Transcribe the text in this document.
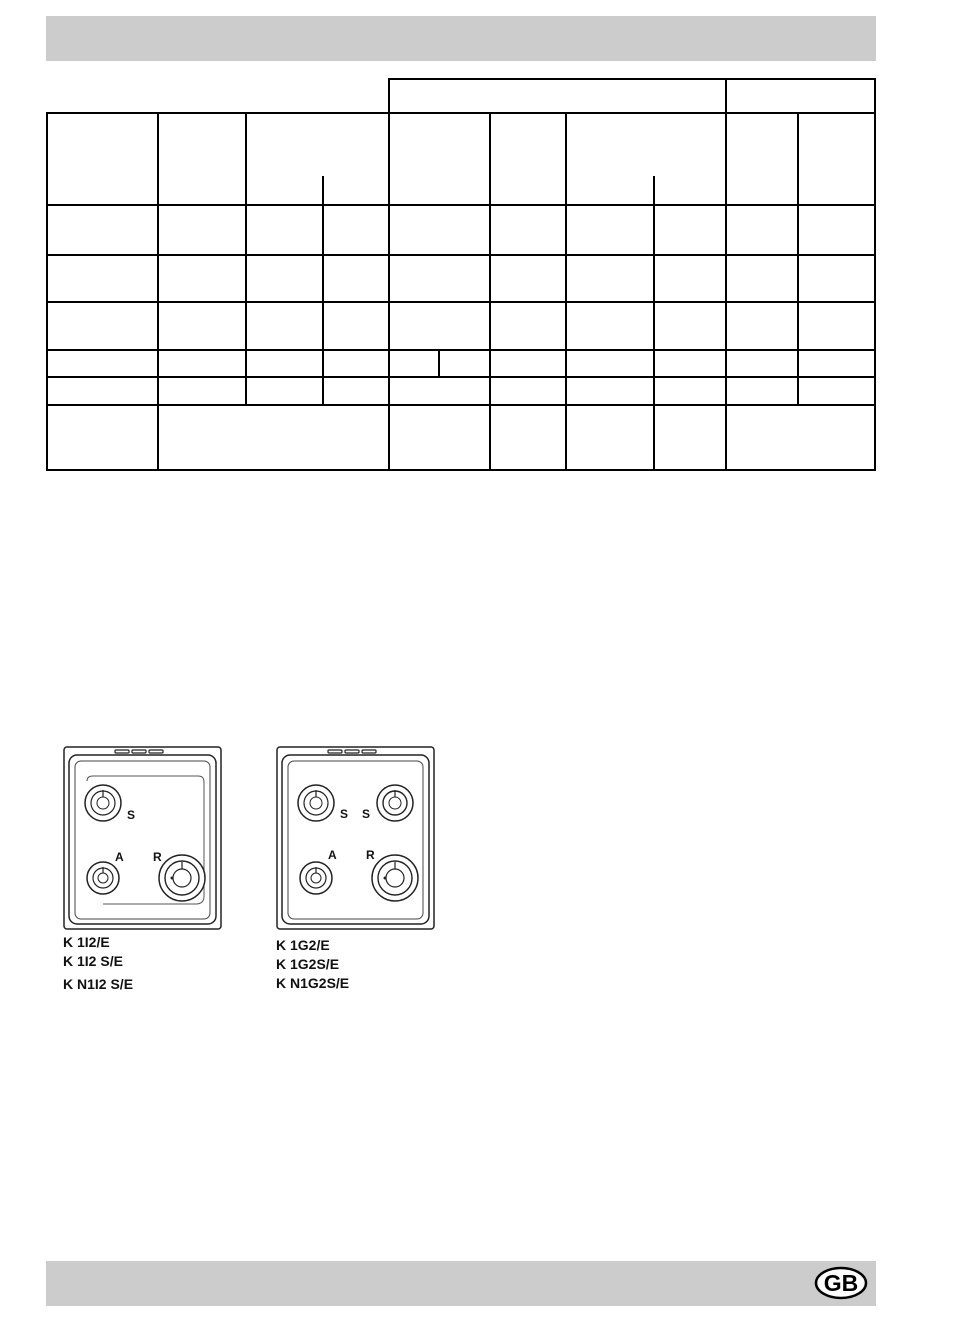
S
A R
K 1I2/E
K 1I2 S/E
K N1I2 S/E
S S
A R
K 1G2/E
K 1G2S/E
K N1G2S/E
GB
